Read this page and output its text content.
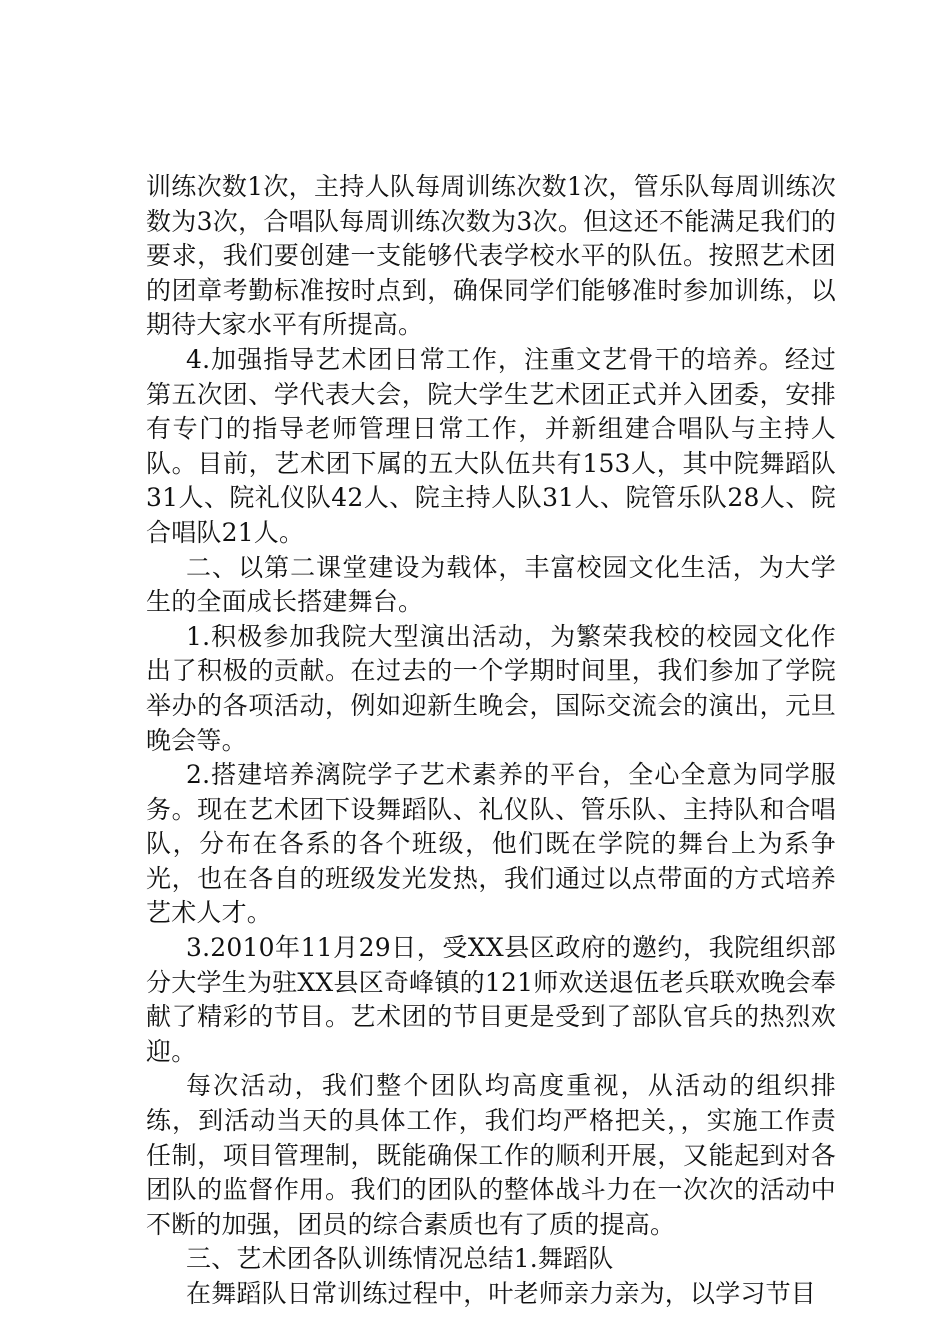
训练次数1次，主持人队每周训练次数1次，管乐队每周训练次数为3次，合唱队每周训练次数为3次。但这还不能满足我们的要求，我们要创建一支能够代表学校水平的队伍。按照艺术团的团章考勤标准按时点到，确保同学们能够准时参加训练，以期待大家水平有所提高。

4.加强指导艺术团日常工作，注重文艺骨干的培养。经过第五次团、学代表大会，院大学生艺术团正式并入团委，安排有专门的指导老师管理日常工作，并新组建合唱队与主持人队。目前，艺术团下属的五大队伍共有153人，其中院舞蹈队31人、院礼仪队42人、院主持人队31人、院管乐队28人、院合唱队21人。

二、以第二课堂建设为载体，丰富校园文化生活，为大学生的全面成长搭建舞台。

1.积极参加我院大型演出活动，为繁荣我校的校园文化作出了积极的贡献。在过去的一个学期时间里，我们参加了学院举办的各项活动，例如迎新生晚会，国际交流会的演出，元旦晚会等。

2.搭建培养漓院学子艺术素养的平台，全心全意为同学服务。现在艺术团下设舞蹈队、礼仪队、管乐队、主持队和合唱队，分布在各系的各个班级，他们既在学院的舞台上为系争光，也在各自的班级发光发热，我们通过以点带面的方式培养艺术人才。

3.2010年11月29日，受XX县区政府的邀约，我院组织部分大学生为驻XX县区奇峰镇的121师欢送退伍老兵联欢晚会奉献了精彩的节目。艺术团的节目更是受到了部队官兵的热烈欢迎。

每次活动，我们整个团队均高度重视，从活动的组织排练，到活动当天的具体工作，我们均严格把关，，实施工作责任制，项目管理制，既能确保工作的顺利开展，又能起到对各团队的监督作用。我们的团队的整体战斗力在一次次的活动中不断的加强，团员的综合素质也有了质的提高。

三、艺术团各队训练情况总结1.舞蹈队

在舞蹈队日常训练过程中，叶老师亲力亲为，以学习节目
